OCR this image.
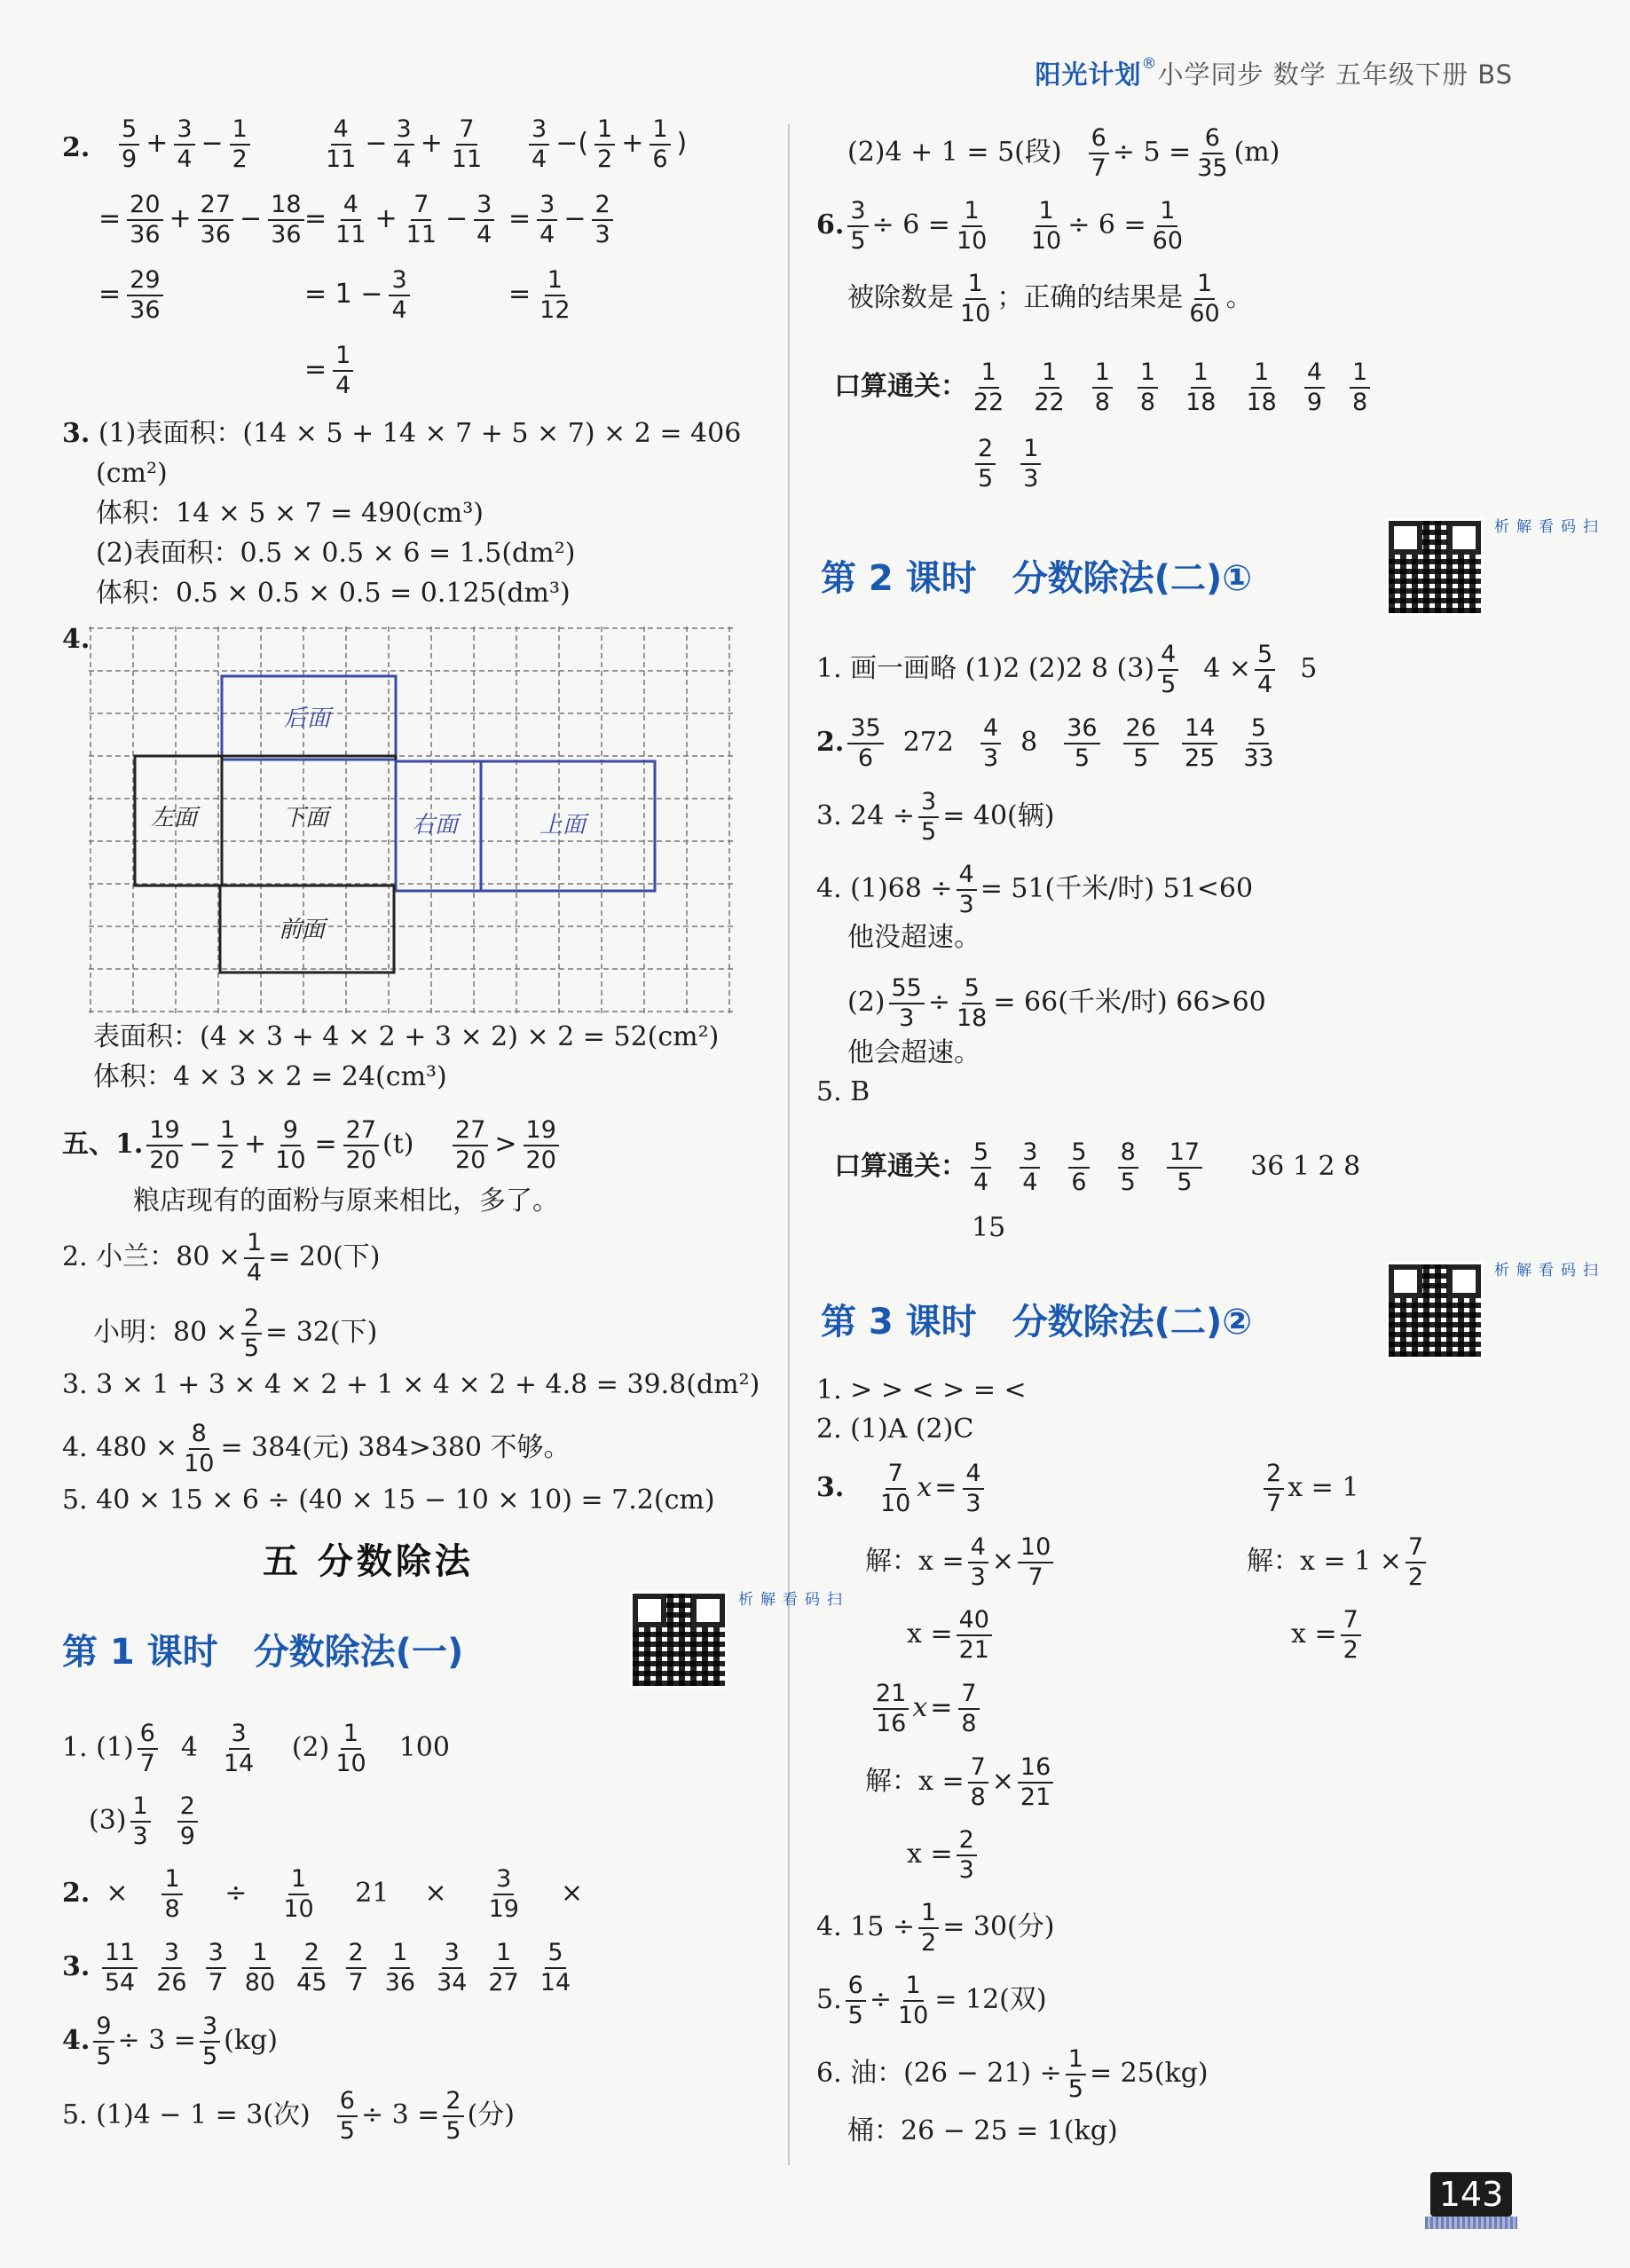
阳光计划®小学同步 数学 五年级下册 BS
2. $\frac{5}{9} + \frac{3}{4} - \frac{1}{2}$	$\frac{4}{11} - \frac{3}{4} + \frac{7}{11} \frac{3}{4}$ −( $\frac{1}{2} + \frac{1}{6}$ )
= $\frac{20}{36} + \frac{27}{36} - \frac{18}{36} = \frac{4}{11} + \frac{7}{11} - \frac{3}{4} = \frac{3}{4} - \frac{2}{3}$
= $\frac{29}{36}$	= $1 - \frac{3}{4}$	= $\frac{1}{12}$
= $\frac{1}{4}$
3. (1)表面积：(14 × 5 + 14 × 7 + 5 × 7) × 2 = 406
(cm²)
体积：14 × 5 × 7 = 490(cm³)
(2)表面积：0.5 × 0.5 × 6 = 1.5(dm²)
体积：0.5 × 0.5 × 0.5 = 0.125(dm³)
4.
后面
左面	下面	右面	上面
前面
表面积：(4 × 3 + 4 × 2 + 3 × 2) × 2 = 52(cm²)
体积：4 × 3 × 2 = 24(cm³)
五、1. $\frac{19}{20} - \frac{1}{2} + \frac{9}{10} = \frac{27}{20} (t) \frac{27}{20} > \frac{19}{20}$
粮店现有的面粉与原来相比，多了。
2. 小兰：$80 \times \frac{1}{4} = 20$(下)
小明：$80 \times \frac{2}{5} = 32$(下)
3. 3 × 1 + 3 × 4 × 2 + 1 × 4 × 2 + 4.8 = 39.8(dm²)
4. $480 \times \frac{8}{10} = 384$(元) 384>380 不够。
5. 40 × 15 × 6 ÷ (40 × 15 − 10 × 10) = 7.2(cm)
五 分数除法
第 1 课时 分数除法(一)
扫码看解析
1. $(1) \frac{6}{7} 4 \frac{3}{14} (2) \frac{1}{10} 100$
$(3) \frac{1}{3} \frac{2}{9}$
2. × $\frac{1}{8} \div \frac{1}{10} 21 \times \frac{3}{19}$ ×
3. $\frac{11}{54} \frac{3}{26} \frac{3}{7} \frac{1}{80} \frac{2}{45} \frac{2}{7} \frac{1}{36} \frac{3}{34} \frac{1}{27} \frac{5}{14}$
4. $\frac{9}{5} \div 3 = \frac{3}{5} (kg)$
5. (1)4 − 1 = 3(次) $\frac{6}{5} \div 3 = \frac{2}{5}$ (分)
(2)4 + 1 = 5(段) $\frac{6}{7} \div 5 = \frac{6}{35} (m)$
6. $\frac{3}{5} \div 6 = \frac{1}{10}$
$\frac{1}{10} \div 6 = \frac{1}{60}$
被除数是 $\frac{1}{10}$ ；正确的结果是 $\frac{1}{60}$ 。
口算通关： $\frac{1}{22} \frac{1}{22} \frac{1}{8} \frac{1}{8} \frac{1}{18} \frac{1}{18} \frac{4}{9} \frac{1}{8}$
$\frac{2}{5} \frac{1}{3}$
第 2 课时 分数除法(二)①
扫码看解析
1. 画一画略 (1)2 (2)2 8 $(3) \frac{4}{5} 4 \times \frac{5}{4} 5$
2. $\frac{35}{6} 272 \frac{4}{3} 8 \frac{36}{5} \frac{26}{5} \frac{14}{25} \frac{5}{33}$
3. $24 \div \frac{3}{5} = 40$(辆)
4. $(1)68 \div \frac{4}{3} = 51$(千米/时) 51<60
他没超速。
$(2) \frac{55}{3} \div \frac{5}{18} = 66$(千米/时) 66>60
他会超速。
5. B
口算通关： $\frac{5}{4} \frac{3}{4} \frac{5}{6} \frac{8}{5} \frac{17}{5} 36$ 1 2 8
15
第 3 课时 分数除法(二)②
扫码看解析
1. > > < > = <
2. (1)A (2)C
3. $\frac{7}{10}$ $x = \frac{4}{3}$
解：$x = \frac{4}{3} \times \frac{10}{7}$
$x = \frac{40}{21}$
$\frac{2}{7}$ x = 1
解：$x = 1 \times \frac{7}{2}$
$x = \frac{7}{2}$
$\frac{21}{16}$ $x = \frac{7}{8}$
解：$x = \frac{7}{8} \times \frac{16}{21}$
$x = \frac{2}{3}$
4. $15 \div \frac{1}{2} = 30$(分)
5. $\frac{6}{5} \div \frac{1}{10} = 12$(双)
6. 油：$(26 - 21) \div \frac{1}{5} = 25(kg)$
桶：26 − 25 = 1(kg)
143
